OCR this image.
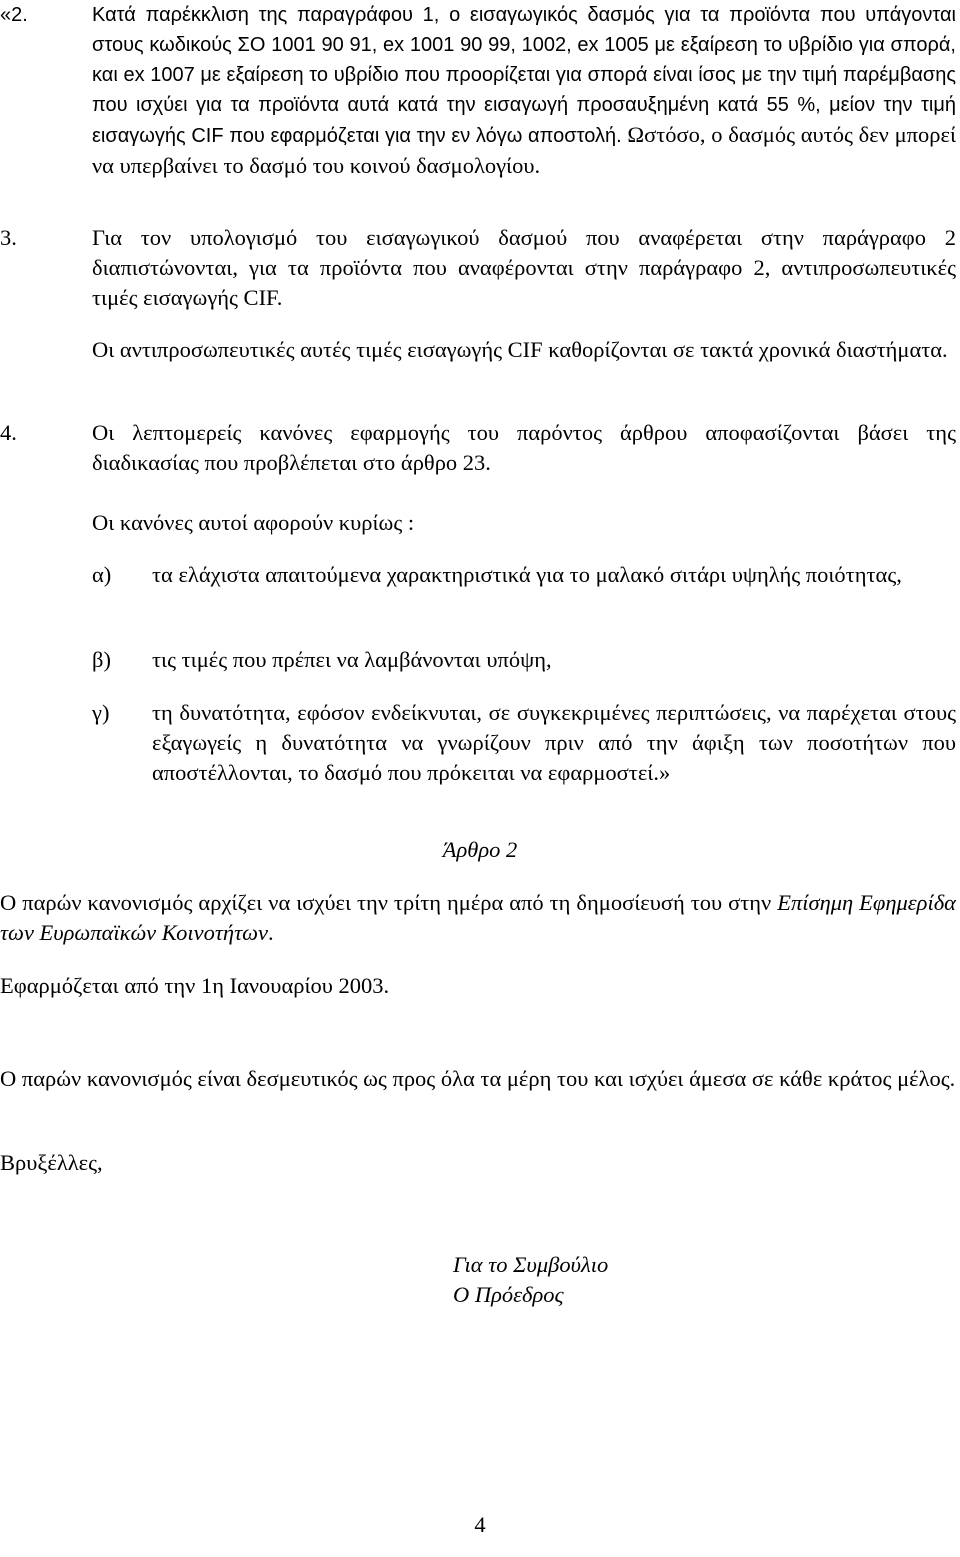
«2.	Κατά παρέκκλιση της παραγράφου 1, ο εισαγωγικός δασμός για τα προϊόντα που υπάγονται στους κωδικούς ΣΟ 1001 90 91, ex 1001 90 99, 1002, ex 1005 με εξαίρεση το υβρίδιο για σπορά, και ex 1007 με εξαίρεση το υβρίδιο που προορίζεται για σπορά είναι ίσος με την τιμή παρέμβασης που ισχύει για τα προϊόντα αυτά κατά την εισαγωγή προσαυξημένη κατά 55 %, μείον την τιμή εισαγωγής CIF που εφαρμόζεται για την εν λόγω αποστολή. Ωστόσο, ο δασμός αυτός δεν μπορεί να υπερβαίνει το δασμό του κοινού δασμολογίου.
3.	Για τον υπολογισμό του εισαγωγικού δασμού που αναφέρεται στην παράγραφο 2 διαπιστώνονται, για τα προϊόντα που αναφέρονται στην παράγραφο 2, αντιπροσωπευτικές τιμές εισαγωγής CIF.
Οι αντιπροσωπευτικές αυτές τιμές εισαγωγής CIF καθορίζονται σε τακτά χρονικά διαστήματα.
4.	Οι λεπτομερείς κανόνες εφαρμογής του παρόντος άρθρου αποφασίζονται βάσει της διαδικασίας που προβλέπεται στο άρθρο 23.
Οι κανόνες αυτοί αφορούν κυρίως :
α) τα ελάχιστα απαιτούμενα χαρακτηριστικά για το μαλακό σιτάρι υψηλής ποιότητας,
β) τις τιμές που πρέπει να λαμβάνονται υπόψη,
γ) τη δυνατότητα, εφόσον ενδείκνυται, σε συγκεκριμένες περιπτώσεις, να παρέχεται στους εξαγωγείς η δυνατότητα να γνωρίζουν πριν από την άφιξη των ποσοτήτων που αποστέλλονται, το δασμό που πρόκειται να εφαρμοστεί.»
Άρθρο 2
Ο παρών κανονισμός αρχίζει να ισχύει την τρίτη ημέρα από τη δημοσίευσή του στην Επίσημη Εφημερίδα των Ευρωπαϊκών Κοινοτήτων.
Εφαρμόζεται από την 1η Ιανουαρίου 2003.
Ο παρών κανονισμός είναι δεσμευτικός ως προς όλα τα μέρη του και ισχύει άμεσα σε κάθε κράτος μέλος.
Βρυξέλλες,
Για το Συμβούλιο
Ο Πρόεδρος
4
